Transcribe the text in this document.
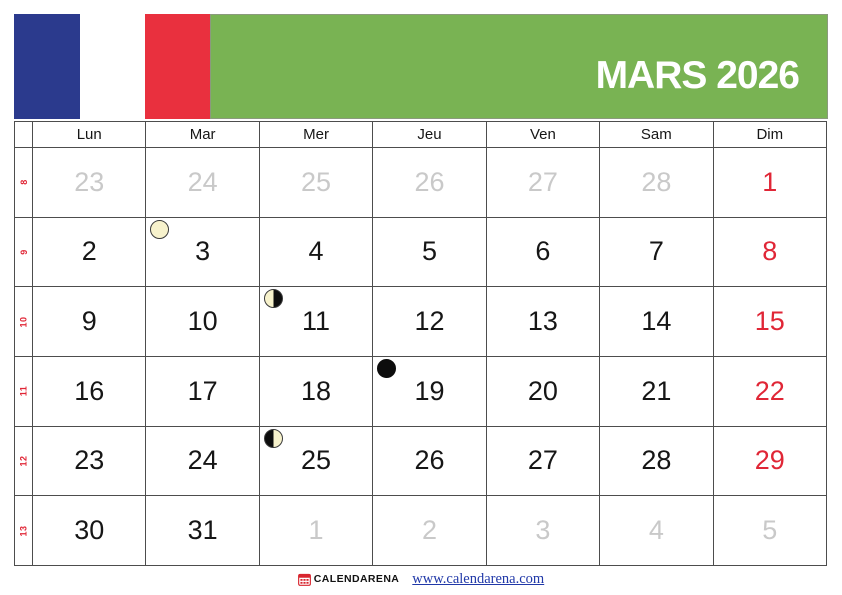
MARS 2026
Lun	Mar	Mer	Jeu	Ven	Sam	Dim
8	23	24	25	26	27	28	1
9	2	3	4	5	6	7	8
10	9	10	11	12	13	14	15
11	16	17	18	19	20	21	22
12	23	24	25	26	27	28	29
13	30	31	1	2	3	4	5
CALENDARENA www.calendarena.com
